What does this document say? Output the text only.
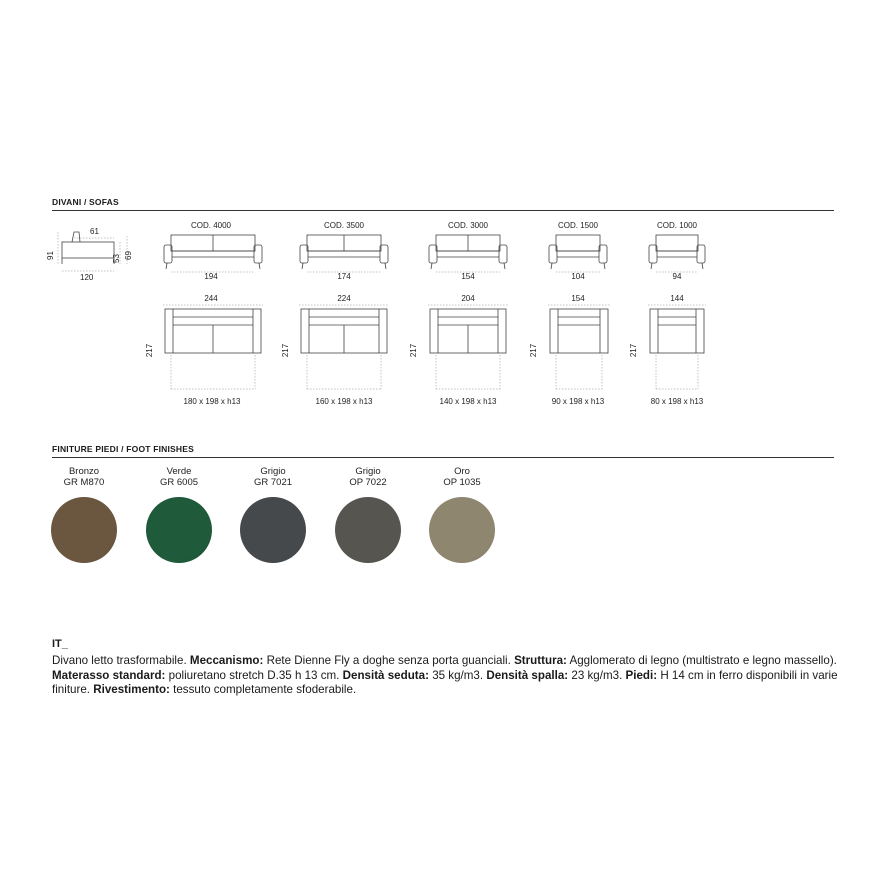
DIVANI / SOFAS
61
120
91	53 69
COD. 4000
194
244
217
180 x 198 x h13
COD. 3500
174
224
217
160 x 198 x h13
COD. 3000
154
204
217
140 x 198 x h13
COD. 1500
104
154
217
90 x 198 x h13
COD. 1000
94
144
217
80 x 198 x h13
FINITURE PIEDI / FOOT FINISHES
Bronzo
GR M870
Verde
GR 6005
Grigio
GR 7021
Grigio
OP 7022
Oro
OP 1035
IT_
Divano letto trasformabile. Meccanismo: Rete Dienne Fly a doghe senza porta guanciali. Struttura: Agglomerato di legno (multistrato e legno massello). Materasso standard: poliuretano stretch D.35 h 13 cm. Densità seduta: 35 kg/m3. Densità spalla: 23 kg/m3. Piedi: H 14 cm in ferro disponibili in varie finiture. Rivestimento: tessuto completamente sfoderabile.
